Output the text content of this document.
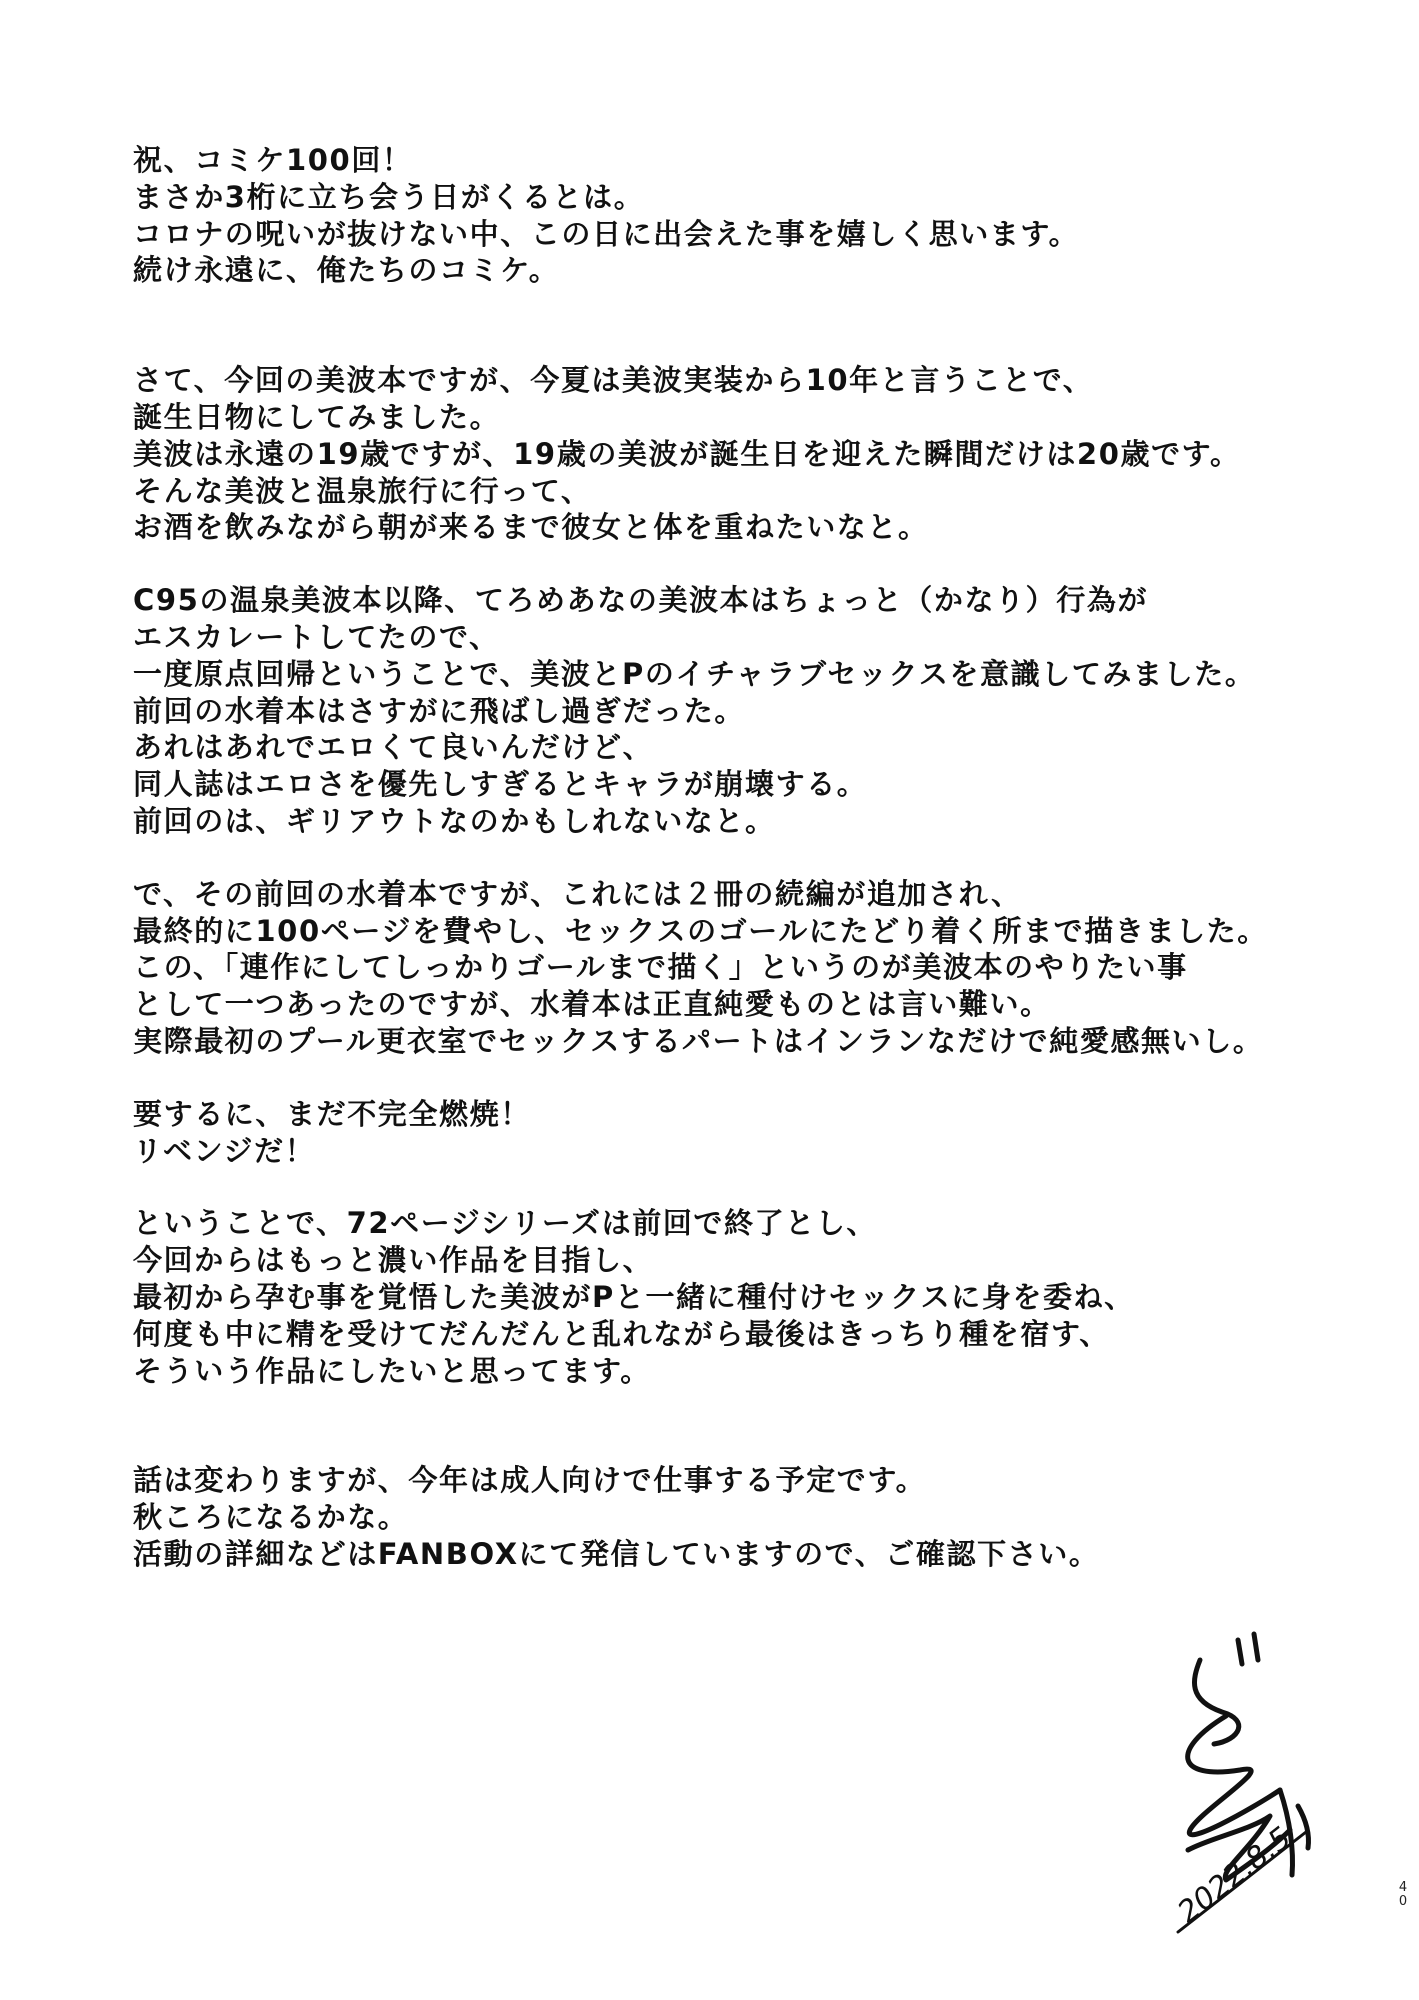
祝、コミケ100回！
まさか3桁に立ち会う日がくるとは。
コロナの呪いが抜けない中、この日に出会えた事を嬉しく思います。
続け永遠に、俺たちのコミケ。
さて、今回の美波本ですが、今夏は美波実装から10年と言うことで、
誕生日物にしてみました。
美波は永遠の19歳ですが、19歳の美波が誕生日を迎えた瞬間だけは20歳です。
そんな美波と温泉旅行に行って、
お酒を飲みながら朝が来るまで彼女と体を重ねたいなと。
C95の温泉美波本以降、てろめあなの美波本はちょっと（かなり）行為が
エスカレートしてたので、
一度原点回帰ということで、美波とPのイチャラブセックスを意識してみました。
前回の水着本はさすがに飛ばし過ぎだった。
あれはあれでエロくて良いんだけど、
同人誌はエロさを優先しすぎるとキャラが崩壊する。
前回のは、ギリアウトなのかもしれないなと。
で、その前回の水着本ですが、これには２冊の続編が追加され、
最終的に100ページを費やし、セックスのゴールにたどり着く所まで描きました。
この、「連作にしてしっかりゴールまで描く」というのが美波本のやりたい事
として一つあったのですが、水着本は正直純愛ものとは言い難い。
実際最初のプール更衣室でセックスするパートはインランなだけで純愛感無いし。
要するに、まだ不完全燃焼！
リベンジだ！
ということで、72ページシリーズは前回で終了とし、
今回からはもっと濃い作品を目指し、
最初から孕む事を覚悟した美波がPと一緒に種付けセックスに身を委ね、
何度も中に精を受けてだんだんと乱れながら最後はきっちり種を宿す、
そういう作品にしたいと思ってます。
話は変わりますが、今年は成人向けで仕事する予定です。
秋ころになるかな。
活動の詳細などはFANBOXにて発信していますので、ご確認下さい。
2022.8.5	4
0
